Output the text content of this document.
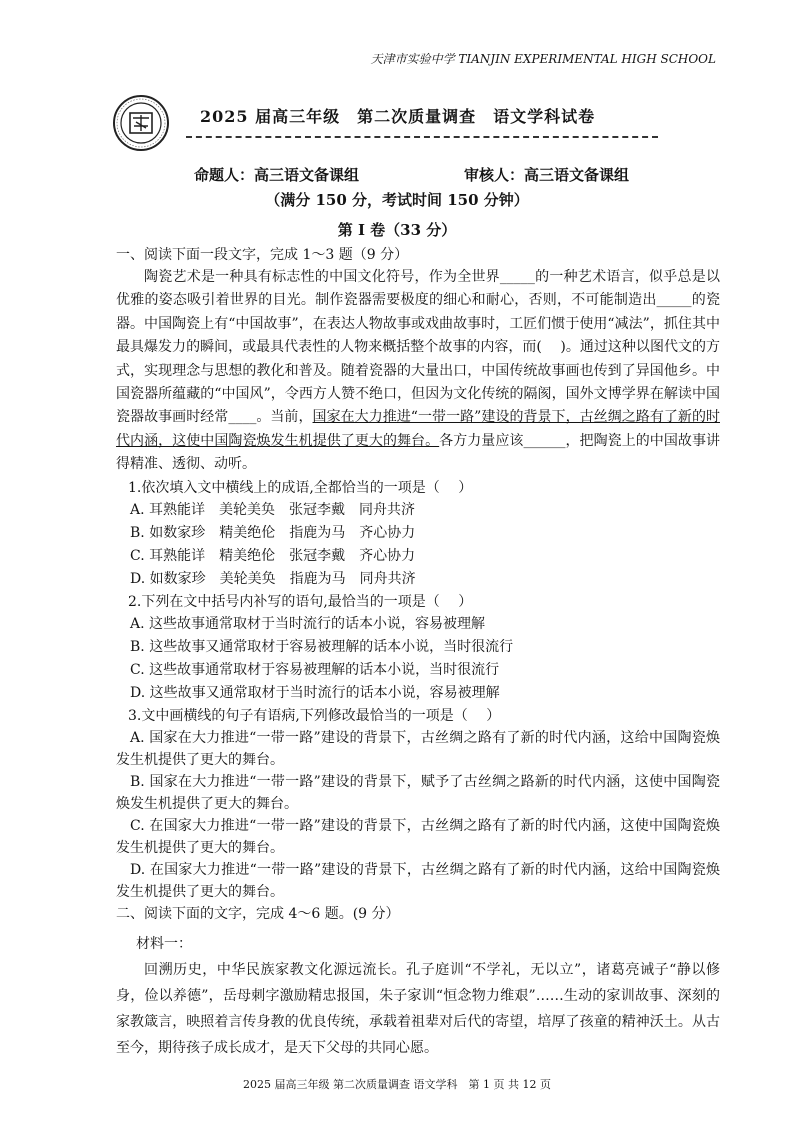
天津市实验中学 TIANJIN EXPERIMENTAL HIGH SCHOOL
2025 届高三年级　第二次质量调查　语文学科试卷
命题人：高三语文备课组	审核人：高三语文备课组
（满分 150 分，考试时间 150 分钟）
第 I 卷（33 分）
一、阅读下面一段文字，完成 1～3 题（9 分）

陶瓷艺术是一种具有标志性的中国文化符号，作为全世界_____的一种艺术语言，似乎总是以优雅的姿态吸引着世界的目光。制作瓷器需要极度的细心和耐心，否则，不可能制造出_____的瓷器。中国陶瓷上有“中国故事”，在表达人物故事或戏曲故事时，工匠们惯于使用“减法”，抓住其中最具爆发力的瞬间，或最具代表性的人物来概括整个故事的内容，而(　 )。通过这种以图代文的方式，实现理念与思想的教化和普及。随着瓷器的大量出口，中国传统故事画也传到了异国他乡。中国瓷器所蕴藏的“中国风”，令西方人赞不绝口，但因为文化传统的隔阂，国外文博学界在解读中国瓷器故事画时经常____。当前，国家在大力推进“一带一路”建设的背景下，古丝绸之路有了新的时代内涵，这使中国陶瓷焕发生机提供了更大的舞台。各方力量应该______，把陶瓷上的中国故事讲得精准、透彻、动听。

1.依次填入文中横线上的成语,全都恰当的一项是（　 ）
A. 耳熟能详 美轮美奂 张冠李戴 同舟共济
B. 如数家珍 精美绝伦 指鹿为马 齐心协力
C. 耳熟能详 精美绝伦 张冠李戴 齐心协力
D. 如数家珍 美轮美奂 指鹿为马 同舟共济
2.下列在文中括号内补写的语句,最恰当的一项是（　 ）
A. 这些故事通常取材于当时流行的话本小说，容易被理解
B. 这些故事又通常取材于容易被理解的话本小说，当时很流行
C. 这些故事通常取材于容易被理解的话本小说，当时很流行
D. 这些故事又通常取材于当时流行的话本小说，容易被理解
3.文中画横线的句子有语病,下列修改最恰当的一项是（　 ）

A. 国家在大力推进“一带一路”建设的背景下，古丝绸之路有了新的时代内涵，这给中国陶瓷焕发生机提供了更大的舞台。

B. 国家在大力推进“一带一路”建设的背景下，赋予了古丝绸之路新的时代内涵，这使中国陶瓷焕发生机提供了更大的舞台。

C. 在国家大力推进“一带一路”建设的背景下，古丝绸之路有了新的时代内涵，这使中国陶瓷焕发生机提供了更大的舞台。

D. 在国家大力推进“一带一路”建设的背景下，古丝绸之路有了新的时代内涵，这给中国陶瓷焕发生机提供了更大的舞台。

二、阅读下面的文字，完成 4～6 题。(9 分）
材料一：

回溯历史，中华民族家教文化源远流长。孔子庭训“不学礼，无以立”，诸葛亮诫子“静以修身，俭以养德”，岳母刺字激励精忠报国，朱子家训“恒念物力维艰”……生动的家训故事、深刻的家教箴言，映照着言传身教的优良传统，承载着祖辈对后代的寄望，培厚了孩童的精神沃土。从古至今，期待孩子成长成才，是天下父母的共同心愿。

2025 届高三年级 第二次质量调查 语文学科　第 1 页 共 12 页
